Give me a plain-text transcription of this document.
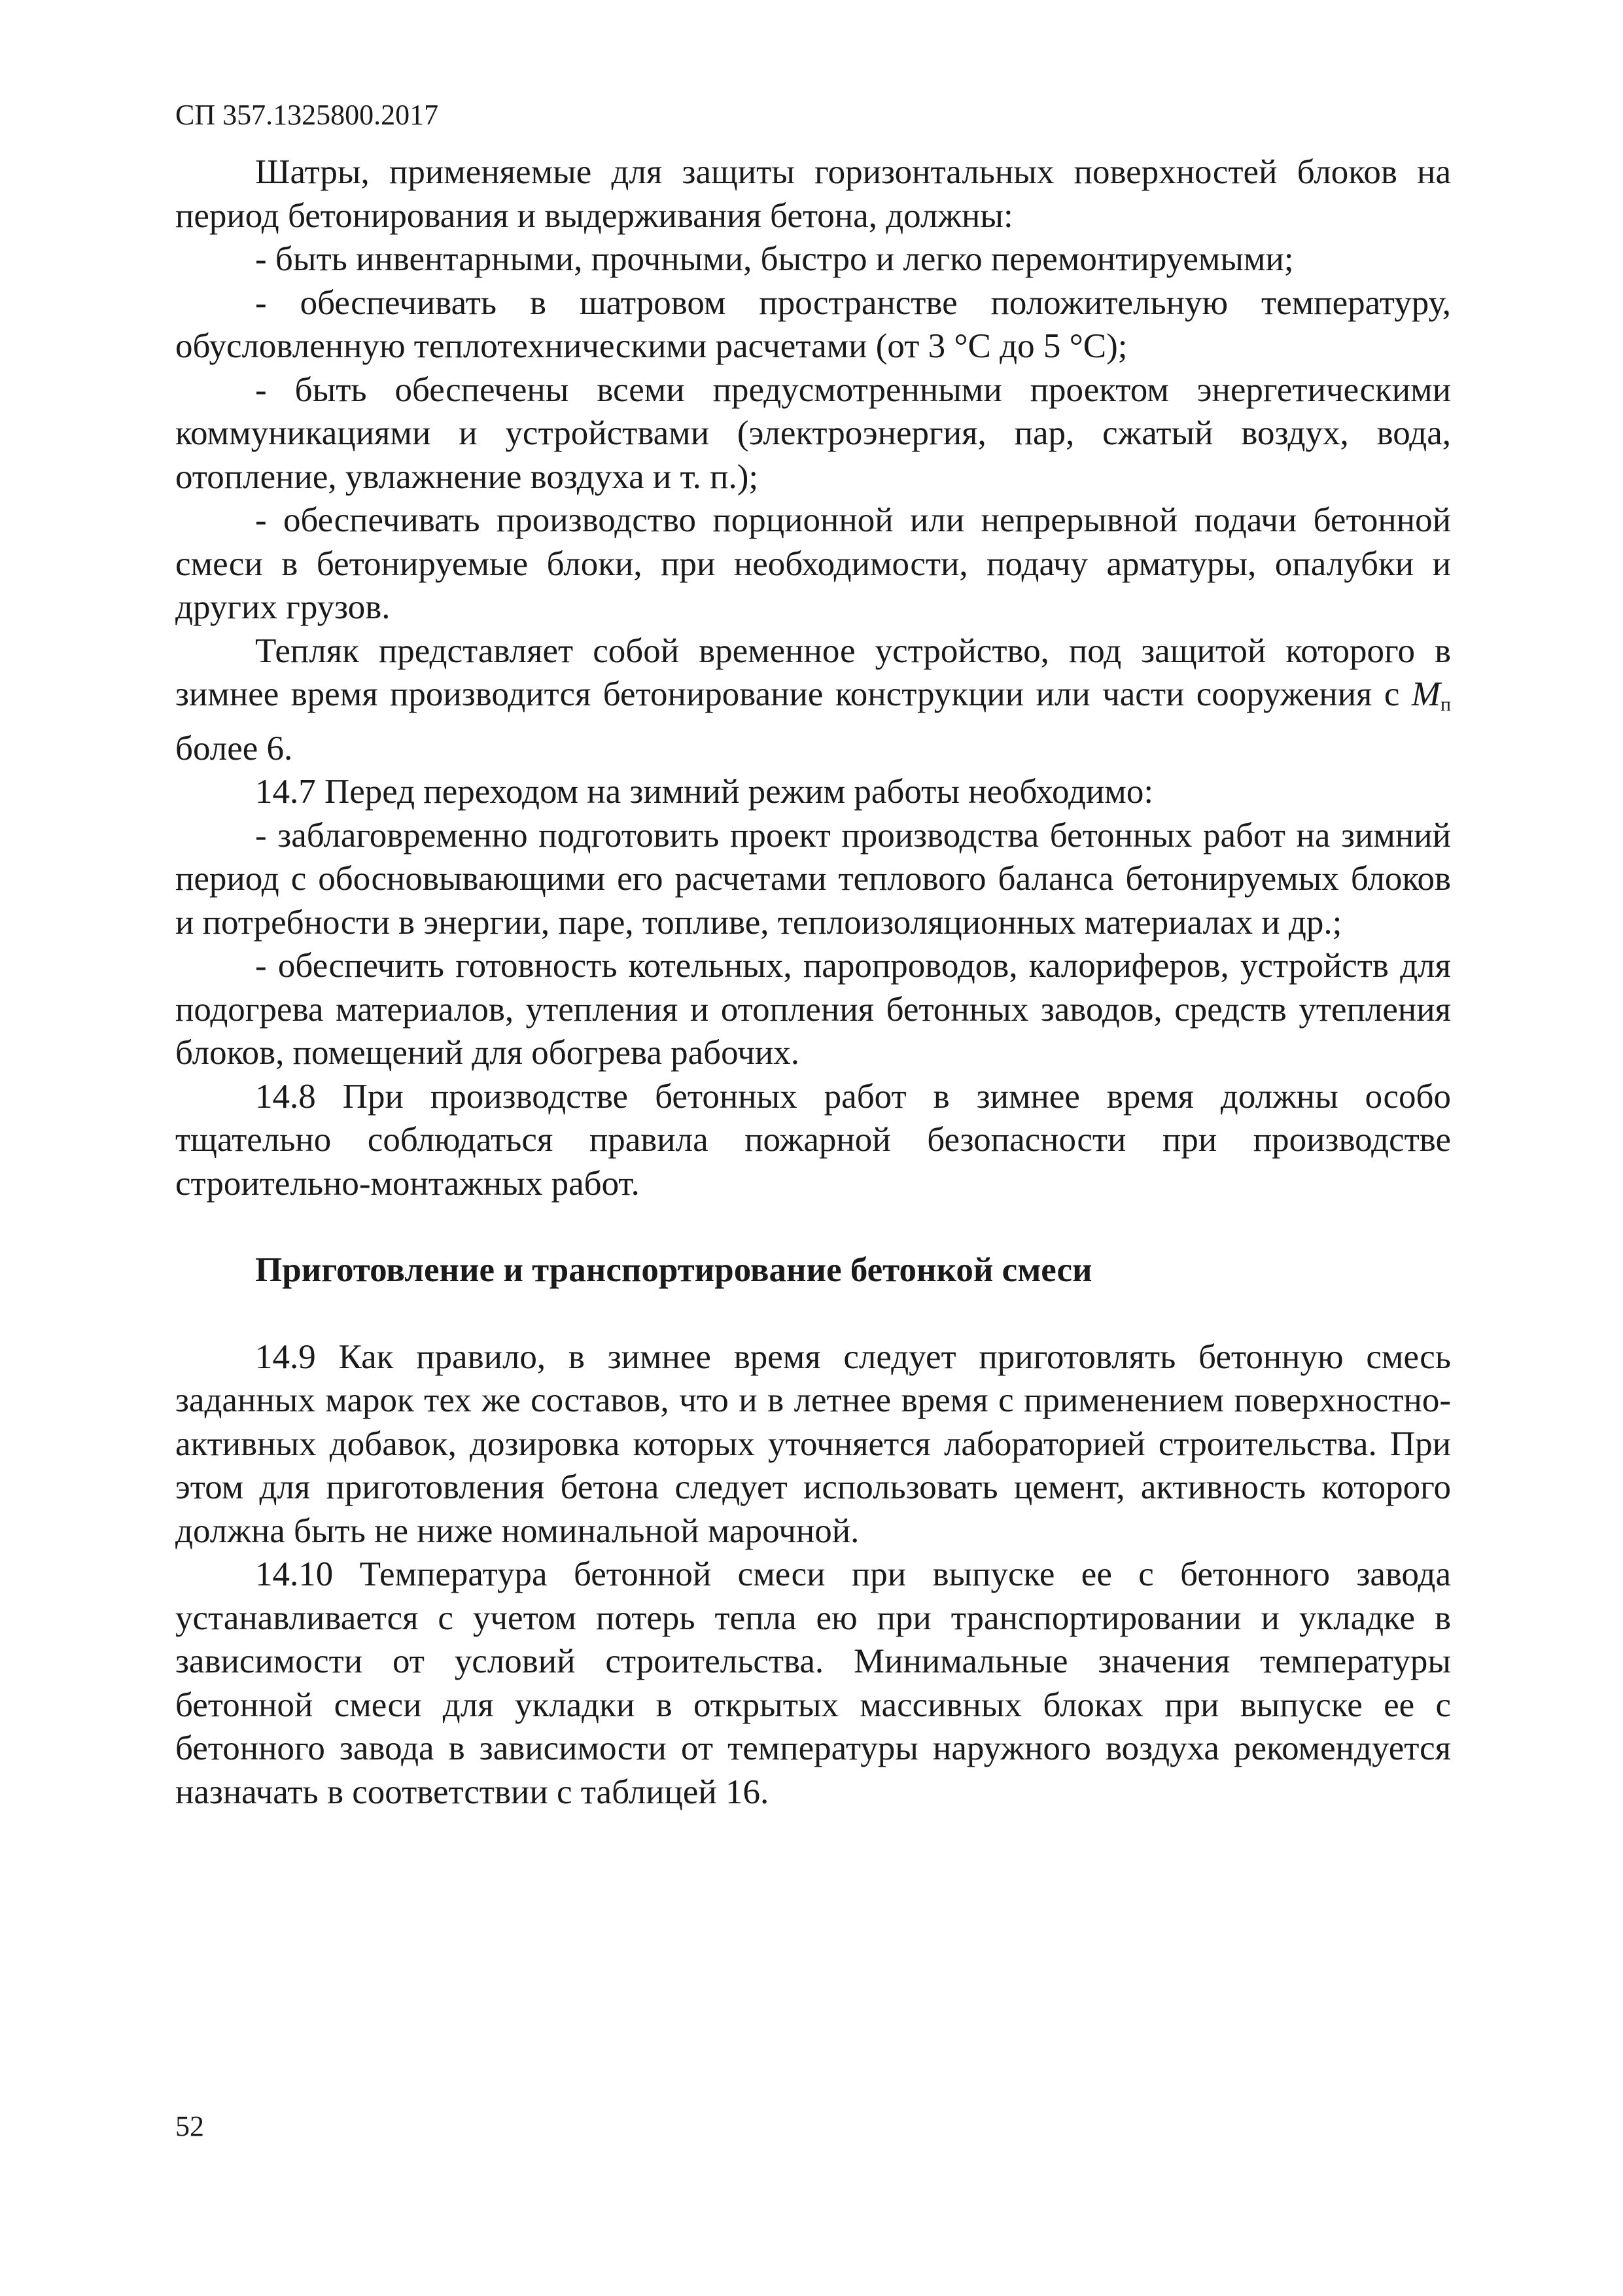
СП 357.1325800.2017

Шатры, применяемые для защиты горизонтальных поверхностей блоков на период бетонирования и выдерживания бетона, должны:

- быть инвентарными, прочными, быстро и легко перемонтируемыми;

- обеспечивать в шатровом пространстве положительную температуру, обусловленную теплотехническими расчетами (от 3 °С до 5 °С);

- быть обеспечены всеми предусмотренными проектом энергетическими коммуникациями и устройствами (электроэнергия, пар, сжатый воздух, вода, отопление, увлажнение воздуха и т. п.);

- обеспечивать производство порционной или непрерывной подачи бетонной смеси в бетонируемые блоки, при необходимости, подачу арматуры, опалубки и других грузов.

Тепляк представляет собой временное устройство, под защитой которого в зимнее время производится бетонирование конструкции или части сооружения с Мп более 6.

14.7 Перед переходом на зимний режим работы необходимо:

- заблаговременно подготовить проект производства бетонных работ на зимний период с обосновывающими его расчетами теплового баланса бетонируемых блоков и потребности в энергии, паре, топливе, теплоизоляционных материалах и др.;

- обеспечить готовность котельных, паропроводов, калориферов, устройств для подогрева материалов, утепления и отопления бетонных заводов, средств утепления блоков, помещений для обогрева рабочих.

14.8 При производстве бетонных работ в зимнее время должны особо тщательно соблюдаться правила пожарной безопасности при производстве строительно-монтажных работ.

Приготовление и транспортирование бетонкой смеси

14.9 Как правило, в зимнее время следует приготовлять бетонную смесь заданных марок тех же составов, что и в летнее время с применением поверхностно-активных добавок, дозировка которых уточняется лабораторией строительства. При этом для приготовления бетона следует использовать цемент, активность которого должна быть не ниже номинальной марочной.

14.10 Температура бетонной смеси при выпуске ее с бетонного завода устанавливается с учетом потерь тепла ею при транспортировании и укладке в зависимости от условий строительства. Минимальные значения температуры бетонной смеси для укладки в открытых массивных блоках при выпуске ее с бетонного завода в зависимости от температуры наружного воздуха рекомендуется назначать в соответствии с таблицей 16.

52
